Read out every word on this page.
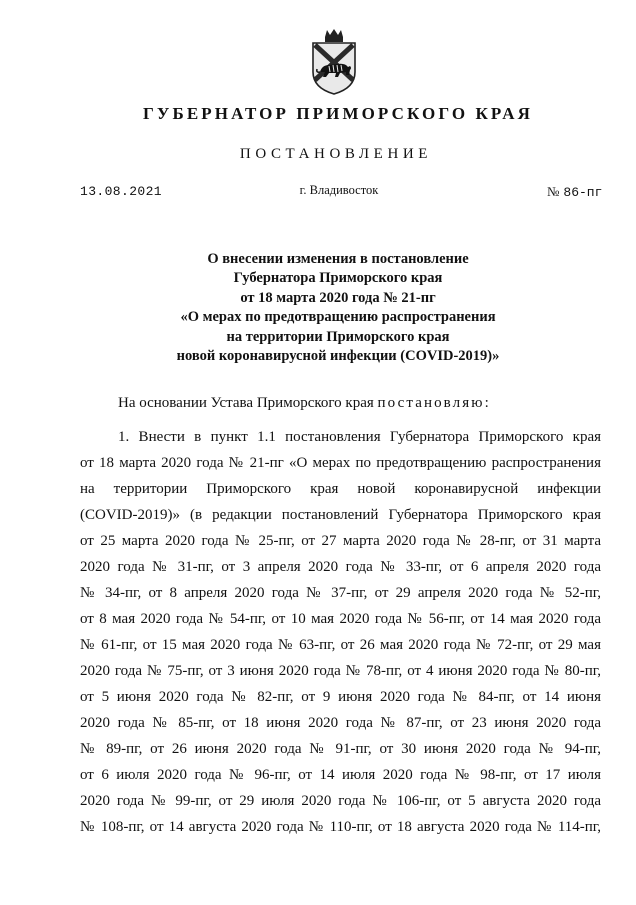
ГУБЕРНАТОР ПРИМОРСКОГО КРАЯ
ПОСТАНОВЛЕНИЕ
13.08.2021	г. Владивосток	№ 86-пг
О внесении изменения в постановление
Губернатора Приморского края
от 18 марта 2020 года № 21-пг
«О мерах по предотвращению распространения
на территории Приморского края
новой коронавирусной инфекции (COVID-2019)»
На основании Устава Приморского края постановляю:
1. Внести в пункт 1.1 постановления Губернатора Приморского края
от 18 марта 2020 года № 21-пг «О мерах по предотвращению распространения
на территории Приморского края новой коронавирусной инфекции
(COVID-2019)» (в редакции постановлений Губернатора Приморского края
от 25 марта 2020 года № 25-пг, от 27 марта 2020 года № 28-пг, от 31 марта
2020 года № 31-пг, от 3 апреля 2020 года № 33-пг, от 6 апреля 2020 года
№ 34-пг, от 8 апреля 2020 года № 37-пг, от 29 апреля 2020 года № 52-пг,
от 8 мая 2020 года № 54-пг, от 10 мая 2020 года № 56-пг, от 14 мая 2020 года
№ 61-пг, от 15 мая 2020 года № 63-пг, от 26 мая 2020 года № 72-пг, от 29 мая
2020 года № 75-пг, от 3 июня 2020 года № 78-пг, от 4 июня 2020 года № 80-пг,
от 5 июня 2020 года № 82-пг, от 9 июня 2020 года № 84-пг, от 14 июня
2020 года № 85-пг, от 18 июня 2020 года № 87-пг, от 23 июня 2020 года
№ 89-пг, от 26 июня 2020 года № 91-пг, от 30 июня 2020 года № 94-пг,
от 6 июля 2020 года № 96-пг, от 14 июля 2020 года № 98-пг, от 17 июля
2020 года № 99-пг, от 29 июля 2020 года № 106-пг, от 5 августа 2020 года
№ 108-пг, от 14 августа 2020 года № 110-пг, от 18 августа 2020 года № 114-пг,
